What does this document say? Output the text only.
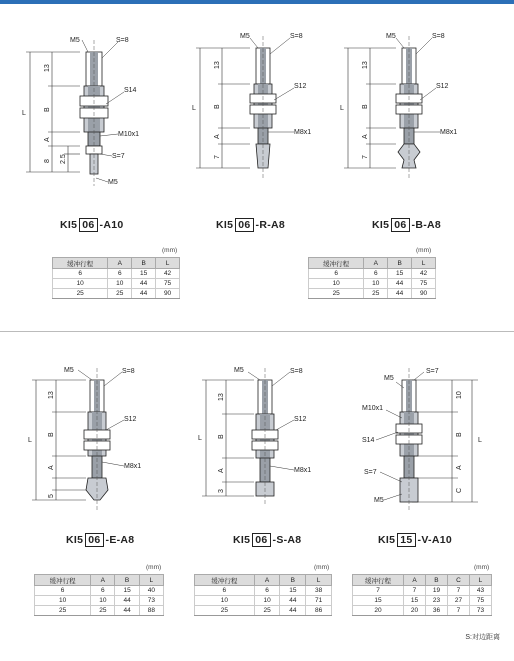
M5	S=8
S14
M10x1
S=7
M5
L
13
B
A
8 2.5
KI5 06 -A10
M5	S=8
S12
M8x1
L
13
B
A
7
KI5 06 -R-A8
M5	S=8
S12
M8x1
L
13
B
A
7
KI5 06 -B-A8
(mm)
缓冲行程	A	B	L
6	6	15	42
10	10	44	75
25	25	44	90
(mm)
缓冲行程	A	B	L
6	6	15	42
10	10	44	75
25	25	44	90
M5	S=8
S12
M8x1
L
13
B
A
5
KI5 06 -E-A8
M5	S=8
S12
M8x1
L
13
B
A
3
KI5 06 -S-A8
M5
S=7
M10x1
S14
S=7
M5
L
10
B
A
C
KI5 15 -V-A10
(mm)
缓冲行程	A	B	L
6	6	15	40
10	10	44	73
25	25	44	88
(mm)
缓冲行程	A	B	L
6	6	15	38
10	10	44	71
25	25	44	86
(mm)
缓冲行程	A	B	C	L
7	7	19	7	43
15	15	23	27	75
20	20	36	7	73
S:对边距离
